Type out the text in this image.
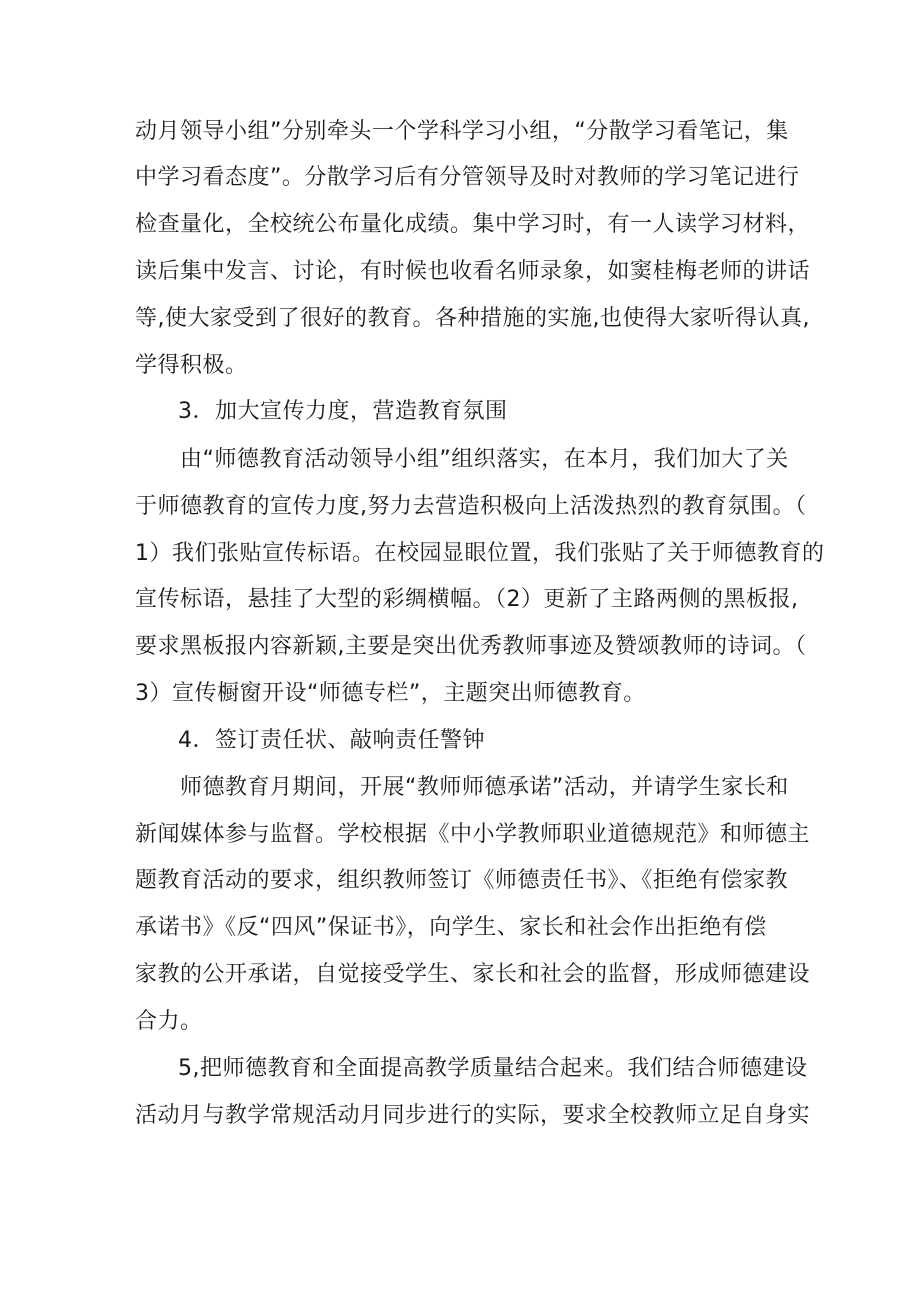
动月领导小组”分别牵头一个学科学习小组，“分散学习看笔记，集
中学习看态度”。分散学习后有分管领导及时对教师的学习笔记进行
检查量化，全校统公布量化成绩。集中学习时，有一人读学习材料，
读后集中发言、讨论，有时候也收看名师录象，如窦桂梅老师的讲话
等,使大家受到了很好的教育。各种措施的实施,也使得大家听得认真,
学得积极。
3．加大宣传力度，营造教育氛围
由“师德教育活动领导小组”组织落实，在本月，我们加大了关
于师德教育的宣传力度,努力去营造积极向上活泼热烈的教育氛围。（
1）我们张贴宣传标语。在校园显眼位置，我们张贴了关于师德教育的
宣传标语，悬挂了大型的彩绸横幅。（2）更新了主路两侧的黑板报,
要求黑板报内容新颖,主要是突出优秀教师事迹及赞颂教师的诗词。（
3）宣传橱窗开设“师德专栏”，主题突出师德教育。
4．签订责任状、敲响责任警钟
师德教育月期间，开展“教师师德承诺”活动，并请学生家长和
新闻媒体参与监督。学校根据《中小学教师职业道德规范》和师德主
题教育活动的要求，组织教师签订《师德责任书》、《拒绝有偿家教
承诺书》《反“四风”保证书》，向学生、家长和社会作出拒绝有偿
家教的公开承诺，自觉接受学生、家长和社会的监督，形成师德建设
合力。
5,把师德教育和全面提高教学质量结合起来。我们结合师德建设
活动月与教学常规活动月同步进行的实际，要求全校教师立足自身实
